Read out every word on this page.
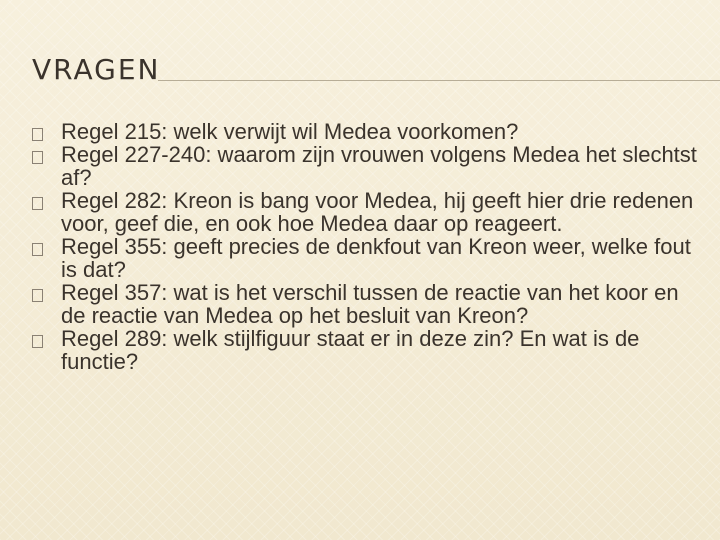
VRAGEN
Regel 215: welk verwijt wil Medea voorkomen?
Regel 227-240: waarom zijn vrouwen volgens Medea het slechtst af?
Regel 282: Kreon is bang voor Medea, hij geeft hier drie redenen voor, geef die, en ook hoe Medea daar op reageert.
Regel 355: geeft precies de denkfout van Kreon weer, welke fout is dat?
Regel 357: wat is het verschil tussen de reactie van het koor en de reactie van Medea op het besluit van Kreon?
Regel 289: welk stijlfiguur staat er in deze zin? En wat is de functie?
